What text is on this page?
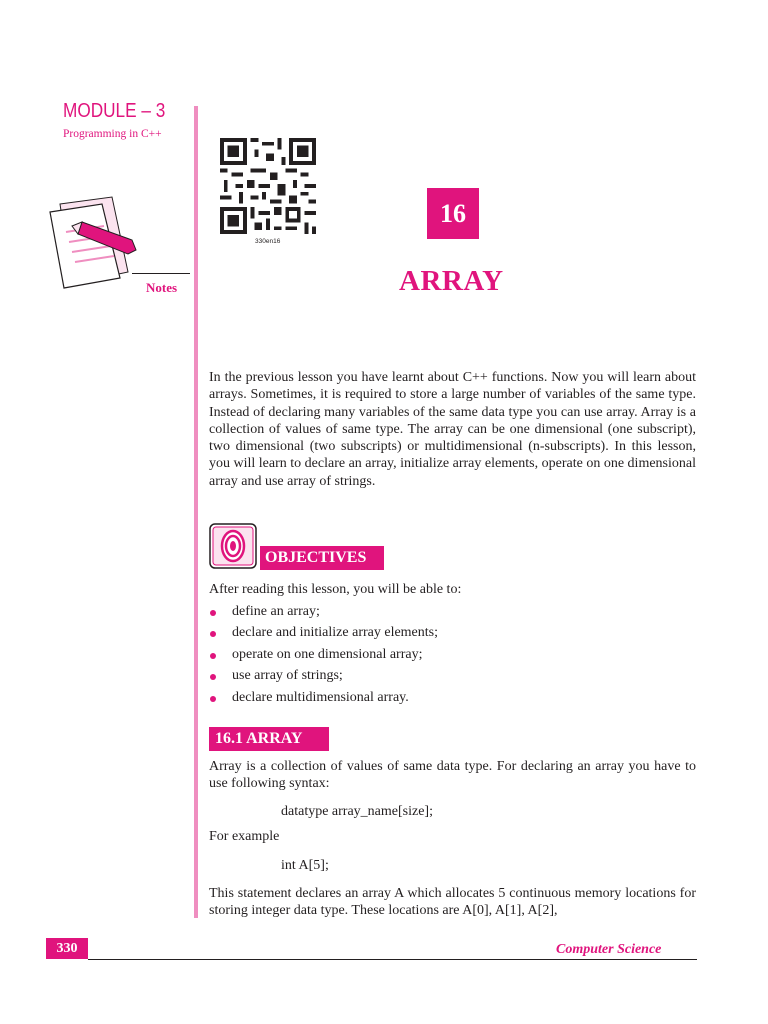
MODULE – 3
Programming in C++
Notes
330en16
16
ARRAY
In the previous lesson you have learnt about C++ functions. Now you will learn about arrays. Sometimes, it is required to store a large number of variables of the same type. Instead of declaring many variables of the same data type you can use array. Array is a collection of values of same type. The array can be one dimensional (one subscript), two dimensional (two subscripts) or multidimensional (n-subscripts). In this lesson, you will learn to declare an array, initialize array elements, operate on one dimensional array and use array of strings.
OBJECTIVES
After reading this lesson, you will be able to:
define an array;
declare and initialize array elements;
operate on one dimensional array;
use array of strings;
declare multidimensional array.
16.1 ARRAY
Array is a collection of values of same data type. For declaring an array you have to use following syntax:
datatype array_name[size];
For example
int A[5];
This statement declares an array A which allocates 5 continuous memory locations for storing integer data type. These locations are A[0], A[1], A[2],
330	Computer Science
